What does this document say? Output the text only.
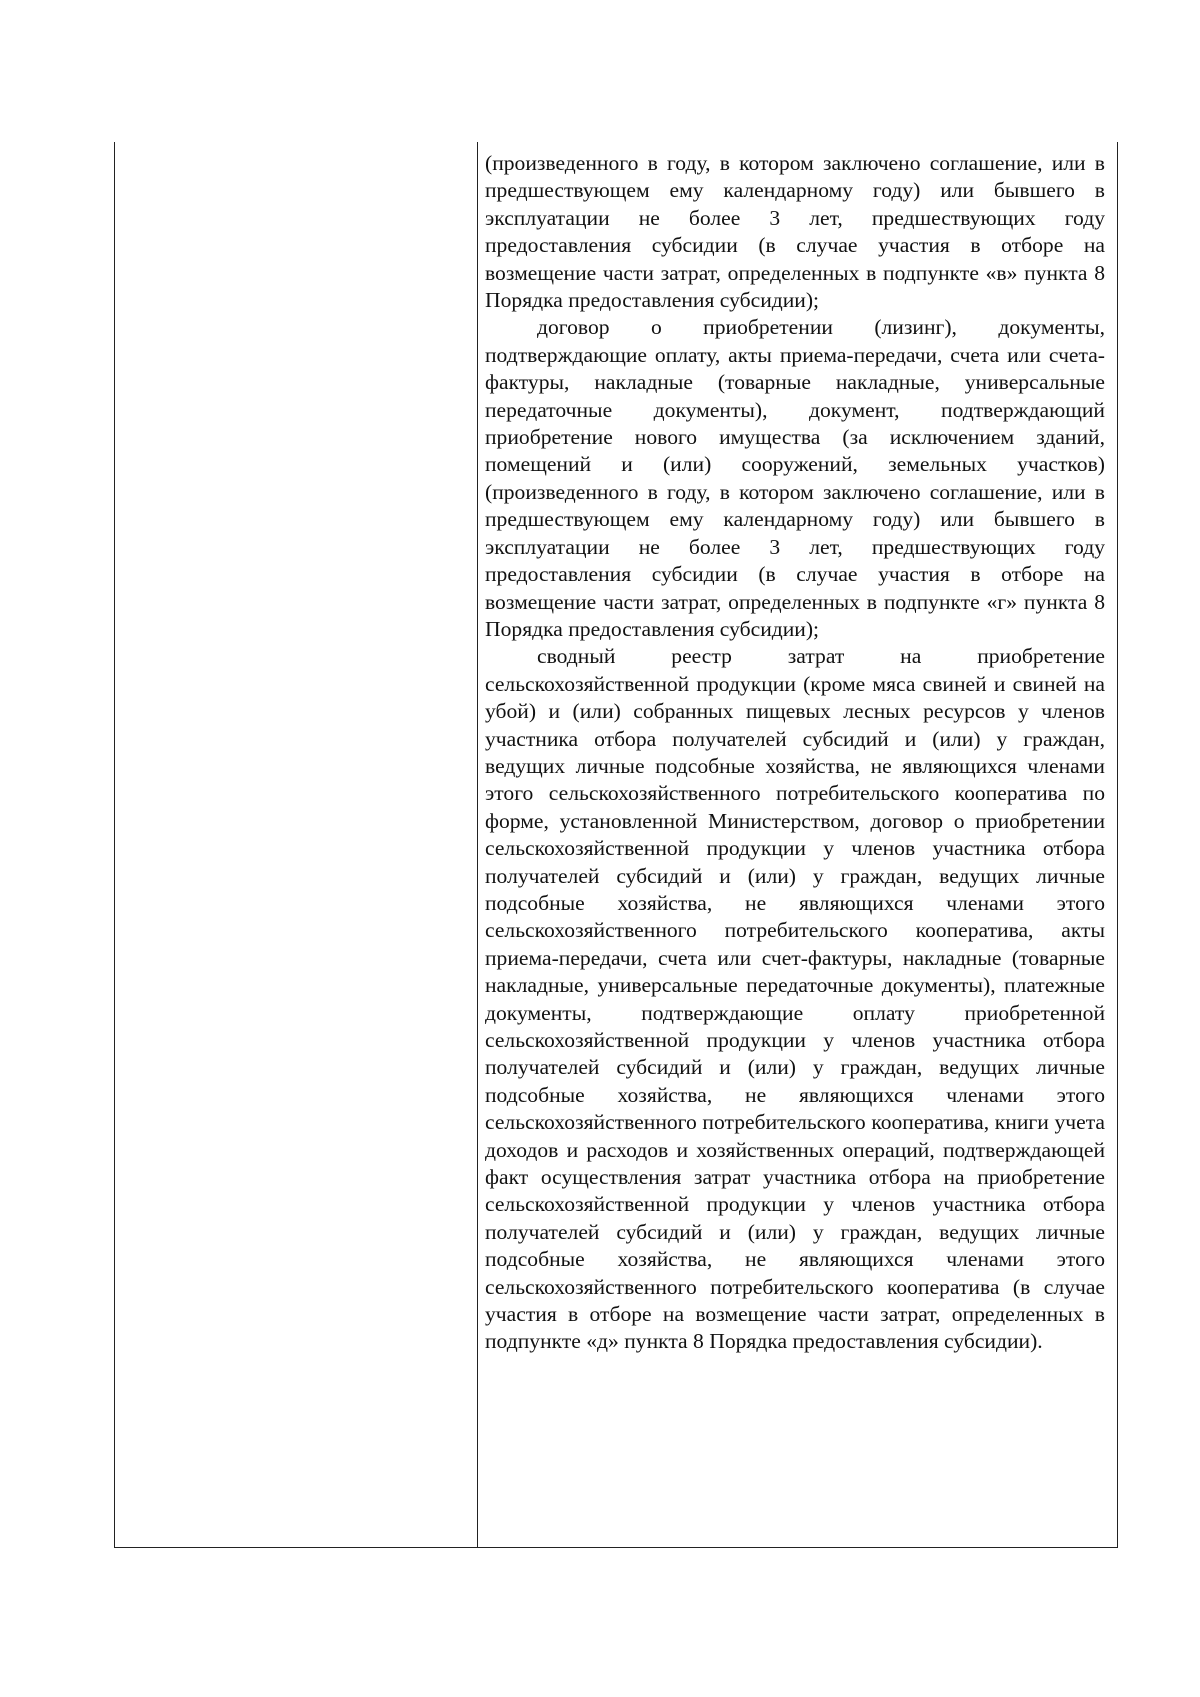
(произведенного в году, в котором заключено соглашение, или в предшествующем ему календарному году) или бывшего в эксплуатации не более 3 лет, предшествующих году предоставления субсидии (в случае участия в отборе на возмещение части затрат, определенных в подпункте «в» пункта 8 Порядка предоставления субсидии);

договор о приобретении (лизинг), документы, подтверждающие оплату, акты приема-передачи, счета или счета-фактуры, накладные (товарные накладные, универсальные передаточные документы), документ, подтверждающий приобретение нового имущества (за исключением зданий, помещений и (или) сооружений, земельных участков) (произведенного в году, в котором заключено соглашение, или в предшествующем ему календарному году) или бывшего в эксплуатации не более 3 лет, предшествующих году предоставления субсидии (в случае участия в отборе на возмещение части затрат, определенных в подпункте «г» пункта 8 Порядка предоставления субсидии);

сводный реестр затрат на приобретение сельскохозяйственной продукции (кроме мяса свиней и свиней на убой) и (или) собранных пищевых лесных ресурсов у членов участника отбора получателей субсидий и (или) у граждан, ведущих личные подсобные хозяйства, не являющихся членами этого сельскохозяйственного потребительского кооператива по форме, установленной Министерством, договор о приобретении сельскохозяйственной продукции у членов участника отбора получателей субсидий и (или) у граждан, ведущих личные подсобные хозяйства, не являющихся членами этого сельскохозяйственного потребительского кооператива, акты приема-передачи, счета или счет-фактуры, накладные (товарные накладные, универсальные передаточные документы), платежные документы, подтверждающие оплату приобретенной сельскохозяйственной продукции у членов участника отбора получателей субсидий и (или) у граждан, ведущих личные подсобные хозяйства, не являющихся членами этого сельскохозяйственного потребительского кооператива, книги учета доходов и расходов и хозяйственных операций, подтверждающей факт осуществления затрат участника отбора на приобретение сельскохозяйственной продукции у членов участника отбора получателей субсидий и (или) у граждан, ведущих личные подсобные хозяйства, не являющихся членами этого сельскохозяйственного потребительского кооператива (в случае участия в отборе на возмещение части затрат, определенных в подпункте «д» пункта 8 Порядка предоставления субсидии).
